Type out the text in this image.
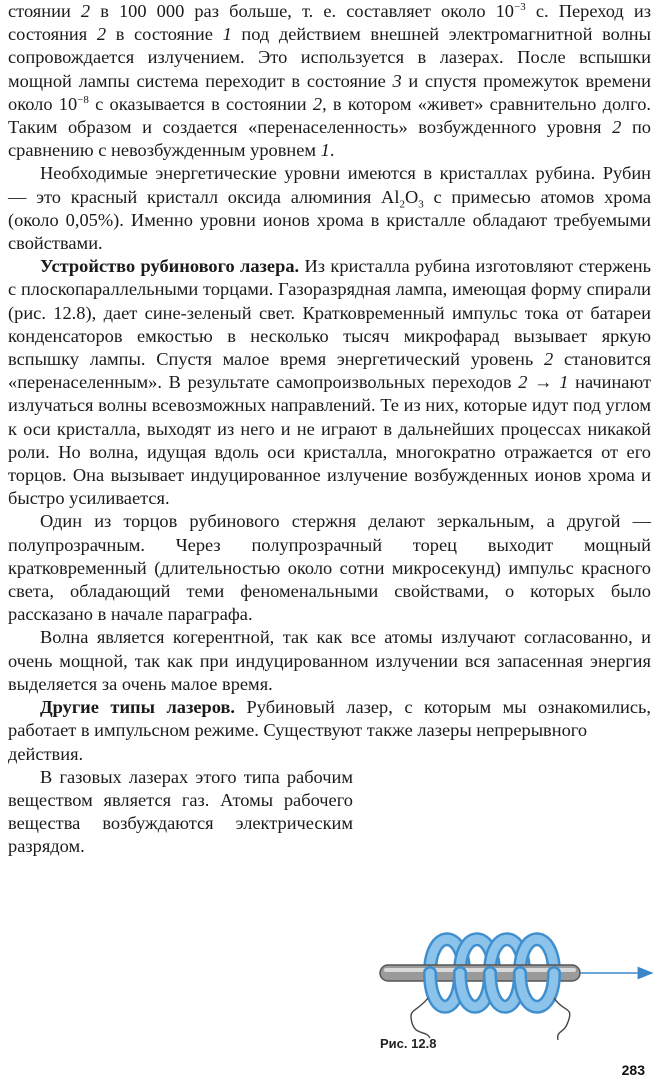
стоянии 2 в 100 000 раз больше, т. е. составляет около $10^{-3}$ с. Переход из состояния 2 в состояние 1 под действием внешней электромагнитной волны сопровождается излучением. Это используется в лазерах. После вспышки мощной лампы система переходит в состояние 3 и спустя промежуток времени около $10^{-8}$ с оказывается в состоянии 2, в котором «живет» сравнительно долго. Таким образом и создается «перенаселенность» возбужденного уровня 2 по сравнению с невозбужденным уровнем 1.

Необходимые энергетические уровни имеются в кристаллах рубина. Рубин — это красный кристалл оксида алюминия $Al_2O_3$ с примесью атомов хрома (около 0,05%). Именно уровни ионов хрома в кристалле обладают требуемыми свойствами.

Устройство рубинового лазера. Из кристалла рубина изготовляют стержень с плоскопараллельными торцами. Газоразрядная лампа, имеющая форму спирали (рис. 12.8), дает сине-зеленый свет. Кратковременный импульс тока от батареи конденсаторов емкостью в несколько тысяч микрофарад вызывает яркую вспышку лампы. Спустя малое время энергетический уровень 2 становится «перенаселенным». В результате самопроизвольных переходов 2 → 1 начинают излучаться волны всевозможных направлений. Те из них, которые идут под углом к оси кристалла, выходят из него и не играют в дальнейших процессах никакой роли. Но волна, идущая вдоль оси кристалла, многократно отражается от его торцов. Она вызывает индуцированное излучение возбужденных ионов хрома и быстро усиливается.

Один из торцов рубинового стержня делают зеркальным, а другой — полупрозрачным. Через полупрозрачный торец выходит мощный кратковременный (длительностью около сотни микросекунд) импульс красного света, обладающий теми феноменальными свойствами, о которых было рассказано в начале параграфа.

Волна является когерентной, так как все атомы излучают согласованно, и очень мощной, так как при индуцированном излучении вся запасенная энергия выделяется за очень малое время.

Другие типы лазеров. Рубиновый лазер, с которым мы ознакомились, работает в импульсном режиме. Существуют также лазеры непрерывного
действия.

В газовых лазерах этого типа рабочим веществом является газ. Атомы рабочего вещества возбуждаются электрическим разрядом.

Рис. 12.8
283
